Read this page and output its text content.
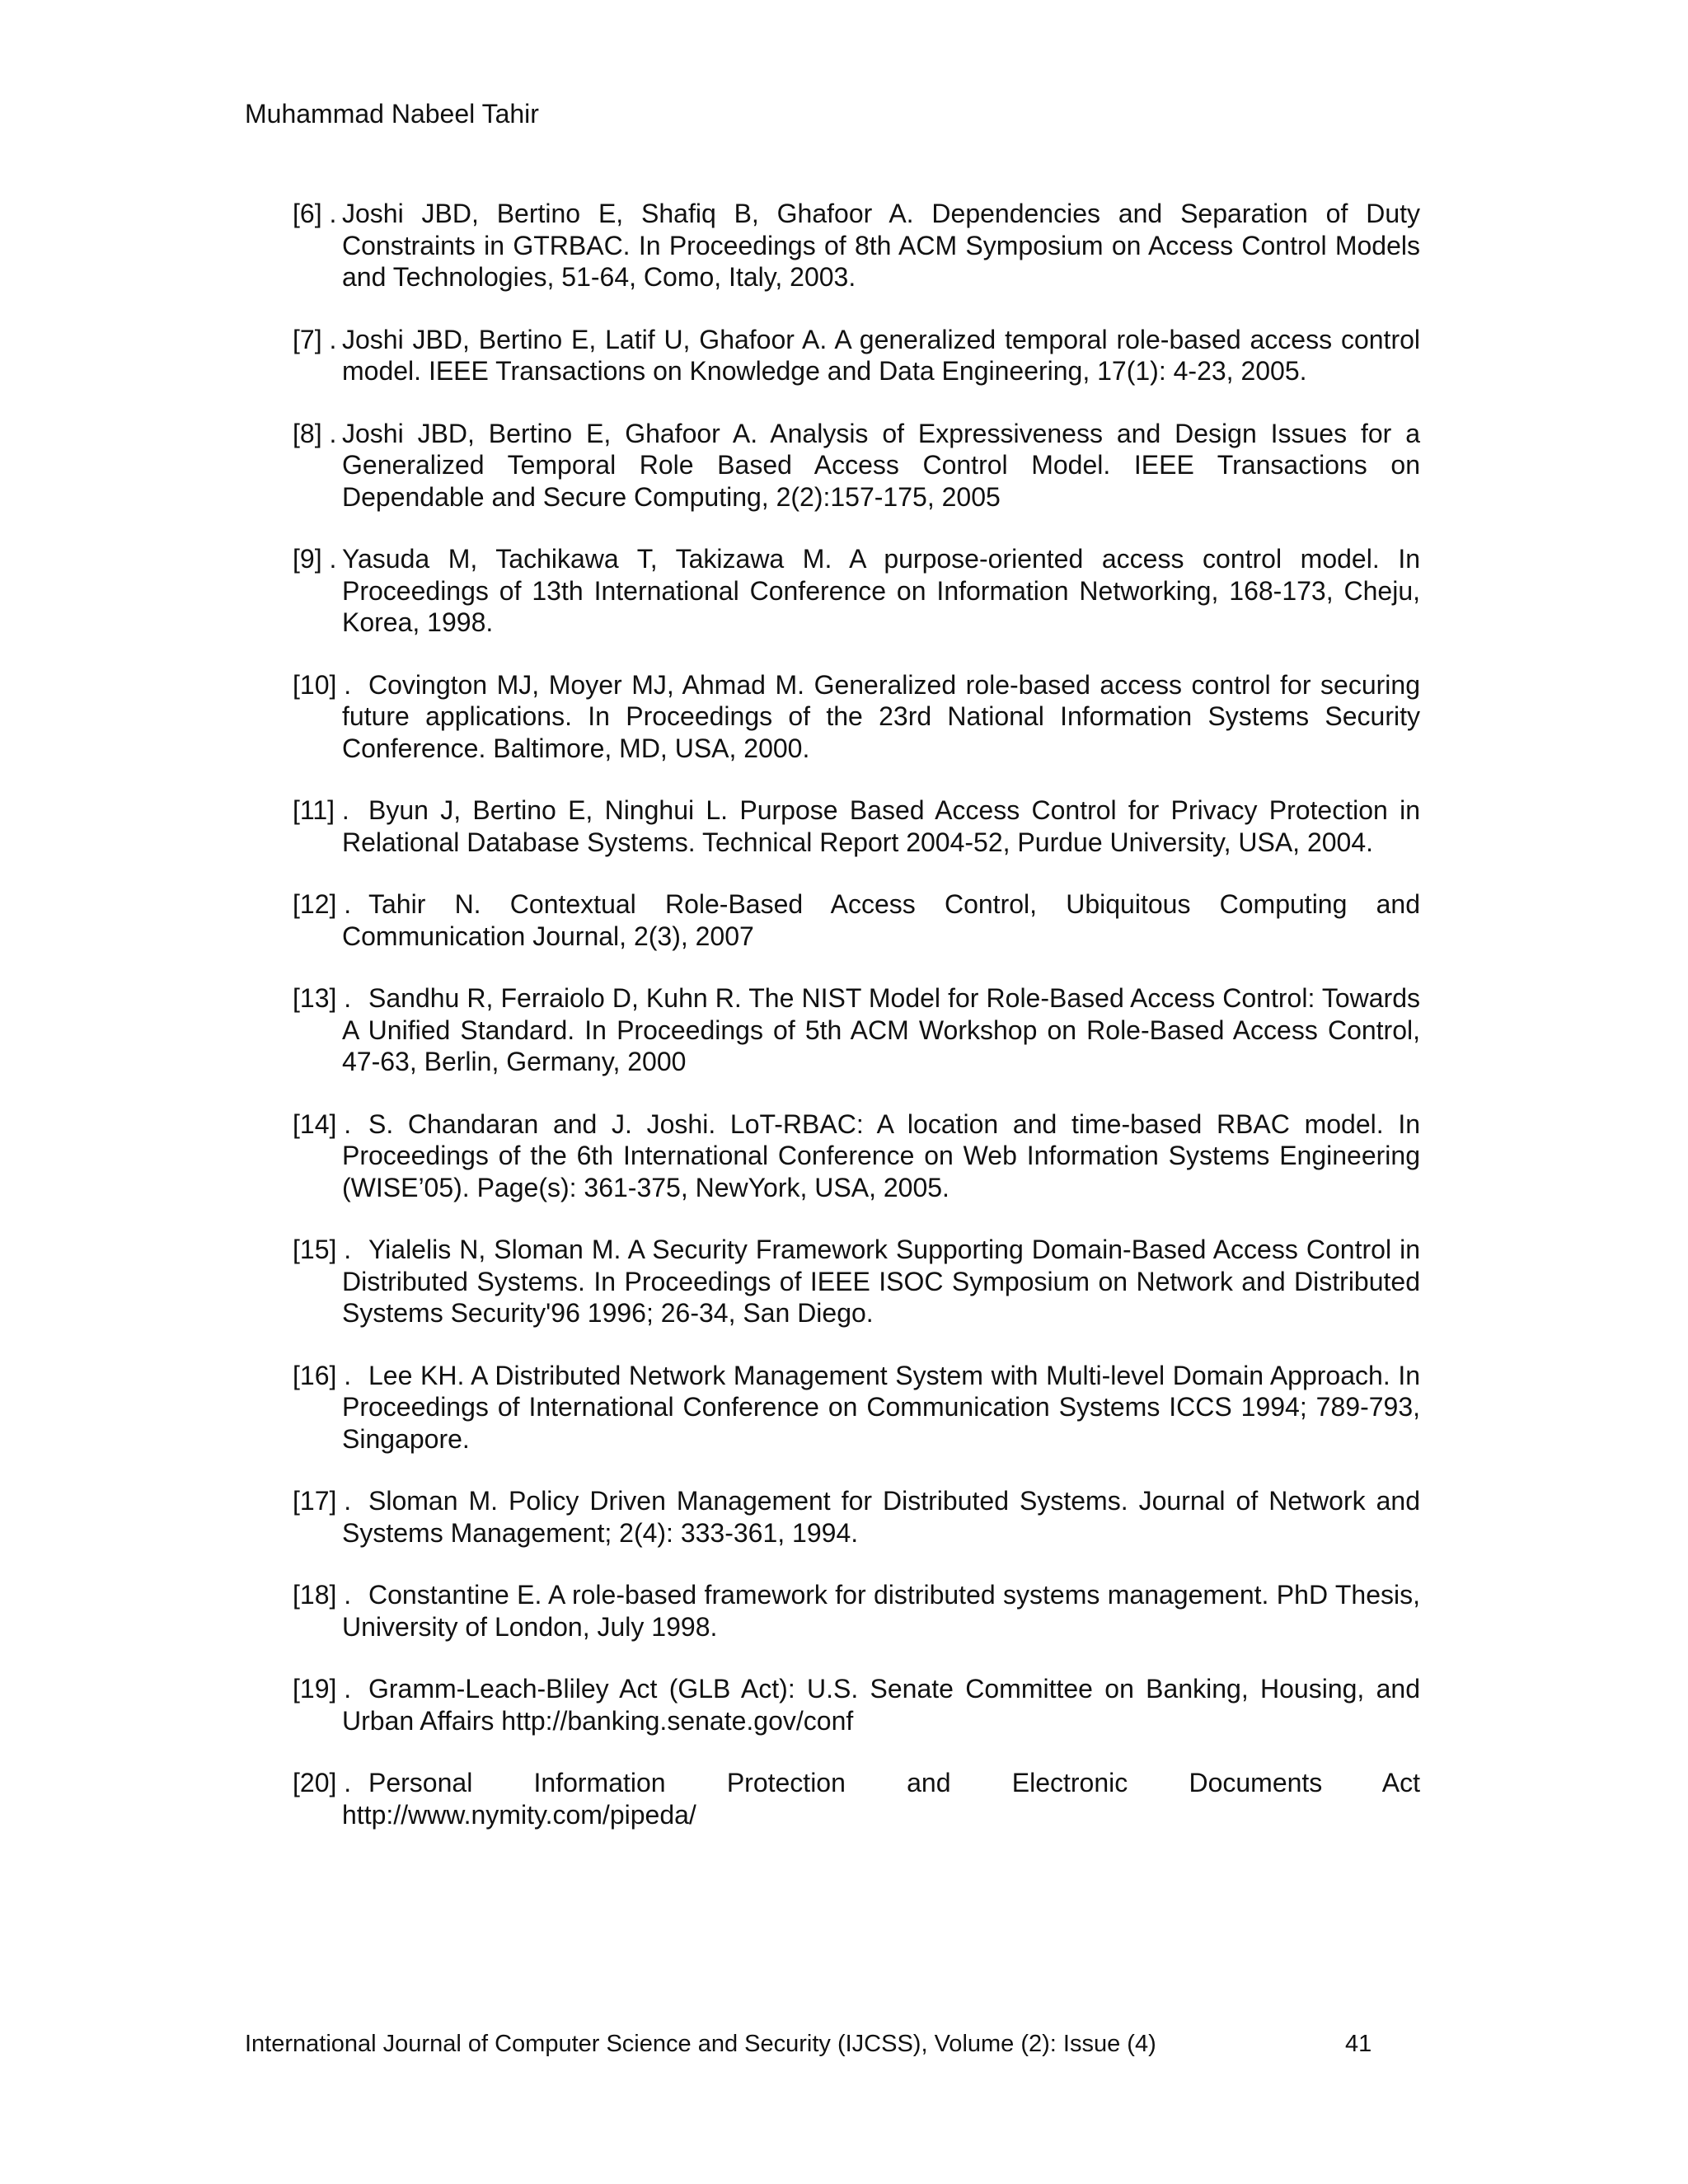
Muhammad Nabeel Tahir
[6] . Joshi JBD, Bertino E, Shafiq B, Ghafoor A. Dependencies and Separation of Duty Constraints in GTRBAC. In Proceedings of 8th ACM Symposium on Access Control Models and Technologies, 51-64, Como, Italy, 2003.
[7] . Joshi JBD, Bertino E, Latif U, Ghafoor A. A generalized temporal role-based access control model. IEEE Transactions on Knowledge and Data Engineering, 17(1): 4-23, 2005.
[8] . Joshi JBD, Bertino E, Ghafoor A. Analysis of Expressiveness and Design Issues for a Generalized Temporal Role Based Access Control Model. IEEE Transactions on Dependable and Secure Computing, 2(2):157-175, 2005
[9] . Yasuda M, Tachikawa T, Takizawa M. A purpose-oriented access control model. In Proceedings of 13th International Conference on Information Networking, 168-173, Cheju, Korea, 1998.
[10] . Covington MJ, Moyer MJ, Ahmad M. Generalized role-based access control for securing future applications. In Proceedings of the 23rd National Information Systems Security Conference. Baltimore, MD, USA, 2000.
[11] . Byun J, Bertino E, Ninghui L. Purpose Based Access Control for Privacy Protection in Relational Database Systems. Technical Report 2004-52, Purdue University, USA, 2004.
[12] . Tahir N. Contextual Role-Based Access Control, Ubiquitous Computing and Communication Journal, 2(3), 2007
[13] . Sandhu R, Ferraiolo D, Kuhn R. The NIST Model for Role-Based Access Control: Towards A Unified Standard. In Proceedings of 5th ACM Workshop on Role-Based Access Control, 47-63, Berlin, Germany, 2000
[14] . S. Chandaran and J. Joshi. LoT-RBAC: A location and time-based RBAC model. In Proceedings of the 6th International Conference on Web Information Systems Engineering (WISE’05). Page(s): 361-375, NewYork, USA, 2005.
[15] . Yialelis N, Sloman M. A Security Framework Supporting Domain-Based Access Control in Distributed Systems. In Proceedings of IEEE ISOC Symposium on Network and Distributed Systems Security'96 1996; 26-34, San Diego.
[16] . Lee KH. A Distributed Network Management System with Multi-level Domain Approach. In Proceedings of International Conference on Communication Systems ICCS 1994; 789-793, Singapore.
[17] . Sloman M. Policy Driven Management for Distributed Systems. Journal of Network and Systems Management; 2(4): 333-361, 1994.
[18] . Constantine E. A role-based framework for distributed systems management. PhD Thesis, University of London, July 1998.
[19] . Gramm-Leach-Bliley Act (GLB Act): U.S. Senate Committee on Banking, Housing, and Urban Affairs http://banking.senate.gov/conf
[20] . Personal Information Protection and Electronic Documents Act
http://www.nymity.com/pipeda/
International Journal of Computer Science and Security (IJCSS), Volume (2): Issue (4)	41
